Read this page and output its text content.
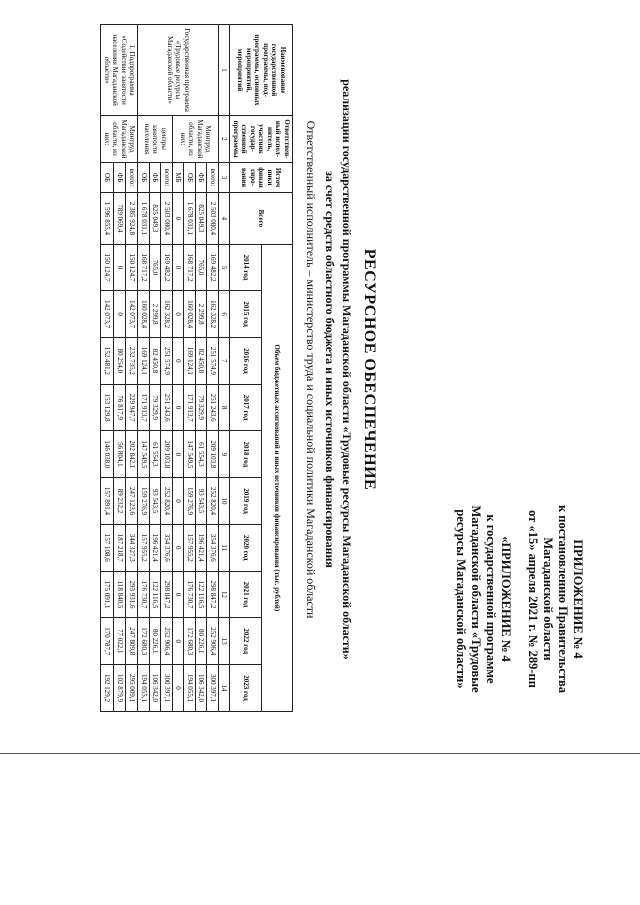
ПРИЛОЖЕНИЕ № 4
к постановлению Правительства
Магаданской области
от «15» апреля 2021 г. № 289-пп
«ПРИЛОЖЕНИЕ № 4
к государственной программе
Магаданской области «Трудовые
ресурсы Магаданской области»
РЕСУРСНОЕ ОБЕСПЕЧЕНИЕ
реализации государственной программы Магаданской области «Трудовые ресурсы Магаданской области»
за счет средств областного бюджета и иных источников финансирования
Ответственный исполнитель – министерство труда и социальной политики Магаданской области
Наименование государственной программы, под-программы, основных мероприятий, мероприятий	Ответствен-ный испол-нитель, участник государ-ственной программы	Источ ники финан сиро-вания	Всего	Объем бюджетных ассигнований и иных источников финансирования (тыс. рублей)									
				2014 год	2015 год	2016 год	2017 год	2018 год	2019 год	2020 год	2021 год	2022 год	2023 год
1	2	3	4	5	6	7	8	9	10	11	12	13	14
Государственная программа «Трудовые ресурсы Магаданской области»	Минтруд Магаданской области, из них:	всего:	2 503 080,4	169 482,2	162 328,2	251 574,9	251 243,6	209 103,8	252 820,4	354 376,6	298 847,2	252 906,4	300 397,1
		ФБ	825 049,3	765,0	2 299,8	82 450,8	79 329,9	61 554,3	93 543,5	196 421,4	122 116,5	80 226,1	106 342,0
		ОБ	1 678 031,1	168 717,2	160 028,4	169 124,1	171 913,7	147 549,5	159 276,9	157 955,2	176 730,7	172 680,3	194 055,1
		МБ	0	0	0	0	0	0	0	0	0	0	0
	центры занятости населения	всего:	2 503 080,4	169 482,2	162 328,2	251 574,9	251 243,6	209 103,8	252 820,4	354 376,6	298 847,2	252 906,4	300 397,1
		ФБ	825 049,3	765,0	2 299,8	82 450,8	79 329,9	61 554,3	93 543,5	196 421,4	122 116,5	80 226,1	106 342,0
		ОБ	1 678 031,1	168 717,2	160 028,4	169 124,1	171 913,7	147 549,5	159 276,9	157 955,2	176 730,7	172 680,3	194 055,1
1. Подпрограмма «Содействие занятости населения Магаданской области»	Минтруд Магаданской области, из них:	всего:	2 385 924,8	150 124,7	142 073,7	232 735,2	229 947,7	202 842,1	247 123,6	344 327,3	293 931,6	247 809,8	295 009,1
		ФБ	789 069,4	0	0	80 254,0	76 817,9	56 804,1	89 232,2	187 218,7	118 840,5	77 022,1	102 879,9
		ОБ	1 596 855,4	150 124,7	142 073,7	152 481,2	153 129,8	146 038,0	157 891,4	157 108,6	175 091,1	170 787,7	192 129,2
